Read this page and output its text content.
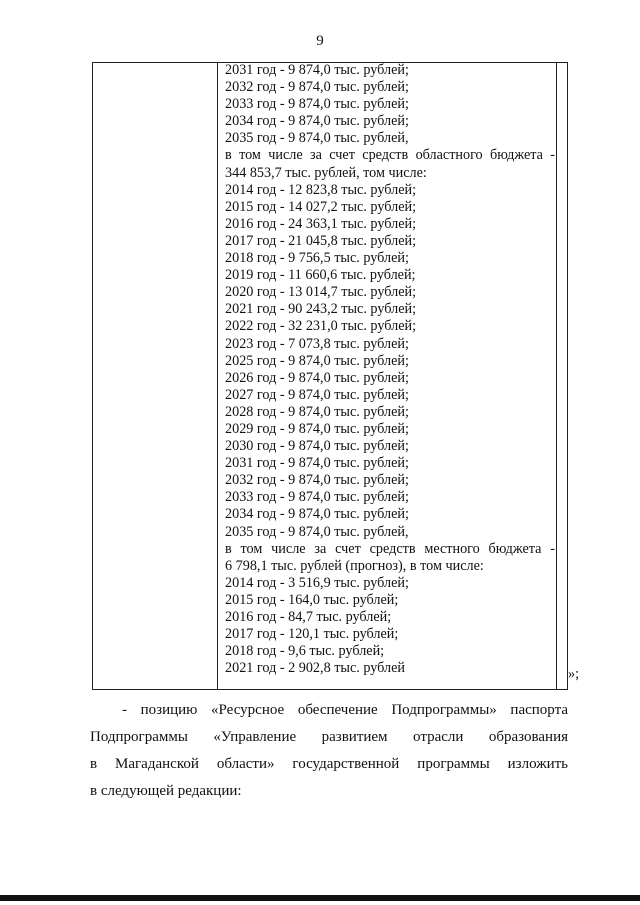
9
2031 год - 9 874,0 тыс. рублей;
2032 год - 9 874,0 тыс. рублей;
2033 год - 9 874,0 тыс. рублей;
2034 год - 9 874,0 тыс. рублей;
2035 год - 9 874,0 тыс. рублей,
в том числе за счет средств областного бюджета -
344 853,7 тыс. рублей, том числе:
2014 год - 12 823,8 тыс. рублей;
2015 год - 14 027,2 тыс. рублей;
2016 год - 24 363,1 тыс. рублей;
2017 год - 21 045,8 тыс. рублей;
2018 год - 9 756,5 тыс. рублей;
2019 год - 11 660,6 тыс. рублей;
2020 год - 13 014,7 тыс. рублей;
2021 год - 90 243,2 тыс. рублей;
2022 год - 32 231,0 тыс. рублей;
2023 год - 7 073,8 тыс. рублей;
2025 год - 9 874,0 тыс. рублей;
2026 год - 9 874,0 тыс. рублей;
2027 год - 9 874,0 тыс. рублей;
2028 год - 9 874,0 тыс. рублей;
2029 год - 9 874,0 тыс. рублей;
2030 год - 9 874,0 тыс. рублей;
2031 год - 9 874,0 тыс. рублей;
2032 год - 9 874,0 тыс. рублей;
2033 год - 9 874,0 тыс. рублей;
2034 год - 9 874,0 тыс. рублей;
2035 год - 9 874,0 тыс. рублей,
в том числе за счет средств местного бюджета -
6 798,1 тыс. рублей (прогноз), в том числе:
2014 год - 3 516,9 тыс. рублей;
2015 год - 164,0 тыс. рублей;
2016 год - 84,7 тыс. рублей;
2017 год - 120,1 тыс. рублей;
2018 год - 9,6 тыс. рублей;
2021 год - 2 902,8 тыс. рублей	»;
- позицию «Ресурсное обеспечение Подпрограммы» паспорта
Подпрограммы «Управление развитием отрасли образования
в Магаданской области» государственной программы изложить
в следующей редакции:
